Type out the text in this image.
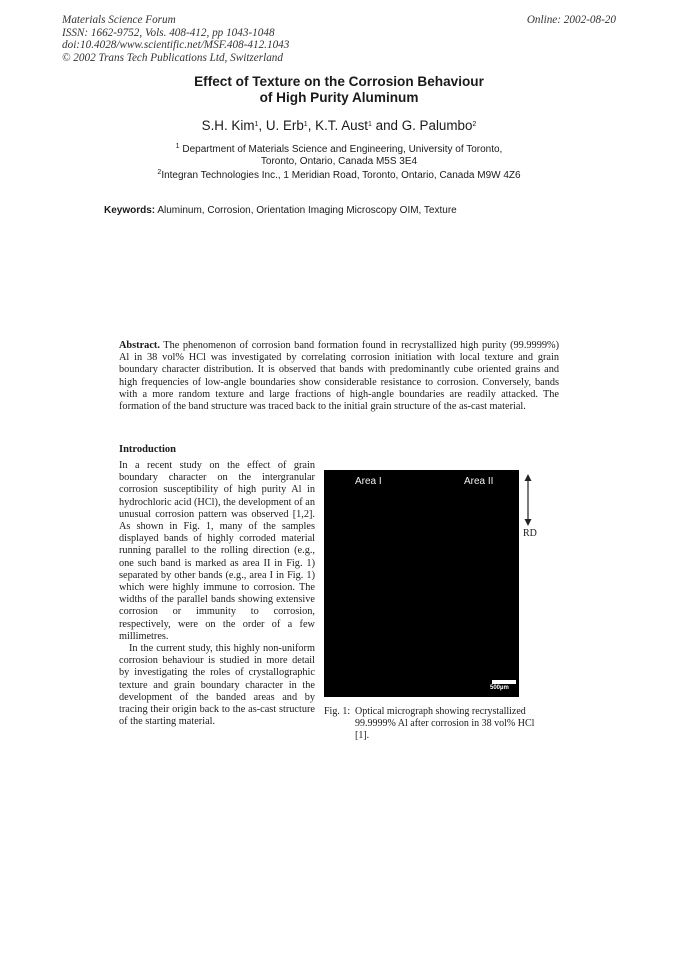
Materials Science Forum
ISSN: 1662-9752, Vols. 408-412, pp 1043-1048
doi:10.4028/www.scientific.net/MSF.408-412.1043
© 2002 Trans Tech Publications Ltd, Switzerland
Online: 2002-08-20
Effect of Texture on the Corrosion Behaviour
of High Purity Aluminum
S.H. Kim$^1$, U. Erb$^1$, K.T. Aust$^1$ and G. Palumbo$^2$
$^1$ Department of Materials Science and Engineering, University of Toronto,
Toronto, Ontario, Canada M5S 3E4
$^2$Integran Technologies Inc., 1 Meridian Road, Toronto, Ontario, Canada M9W 4Z6
Keywords: Aluminum, Corrosion, Orientation Imaging Microscopy OIM, Texture
Abstract. The phenomenon of corrosion band formation found in recrystallized high purity (99.9999%) Al in 38 vol% HCl was investigated by correlating corrosion initiation with local texture and grain boundary character distribution. It is observed that bands with predominantly cube oriented grains and high frequencies of low-angle boundaries show considerable resistance to corrosion. Conversely, bands with a more random texture and large fractions of high-angle boundaries are readily attacked. The formation of the band structure was traced back to the initial grain structure of the as-cast material.
Introduction

In a recent study on the effect of grain boundary character on the intergranular corrosion susceptibility of high purity Al in hydrochloric acid (HCl), the development of an unusual corrosion pattern was observed [1,2]. As shown in Fig. 1, many of the samples displayed bands of highly corroded material running parallel to the rolling direction (e.g., one such band is marked as area II in Fig. 1) separated by other bands (e.g., area I in Fig. 1) which were highly immune to corrosion. The widths of the parallel bands showing extensive corrosion or immunity to corrosion, respectively, were on the order of a few millimetres.

In the current study, this highly non-uniform corrosion behaviour is studied in more detail by investigating the roles of crystallographic texture and grain boundary character in the development of the banded areas and by tracing their origin back to the as-cast structure of the starting material.

Area I	Area II
500µm
RD
Fig. 1: Optical micrograph showing recrystallized 99.9999% Al after corrosion in 38 vol% HCl [1].
